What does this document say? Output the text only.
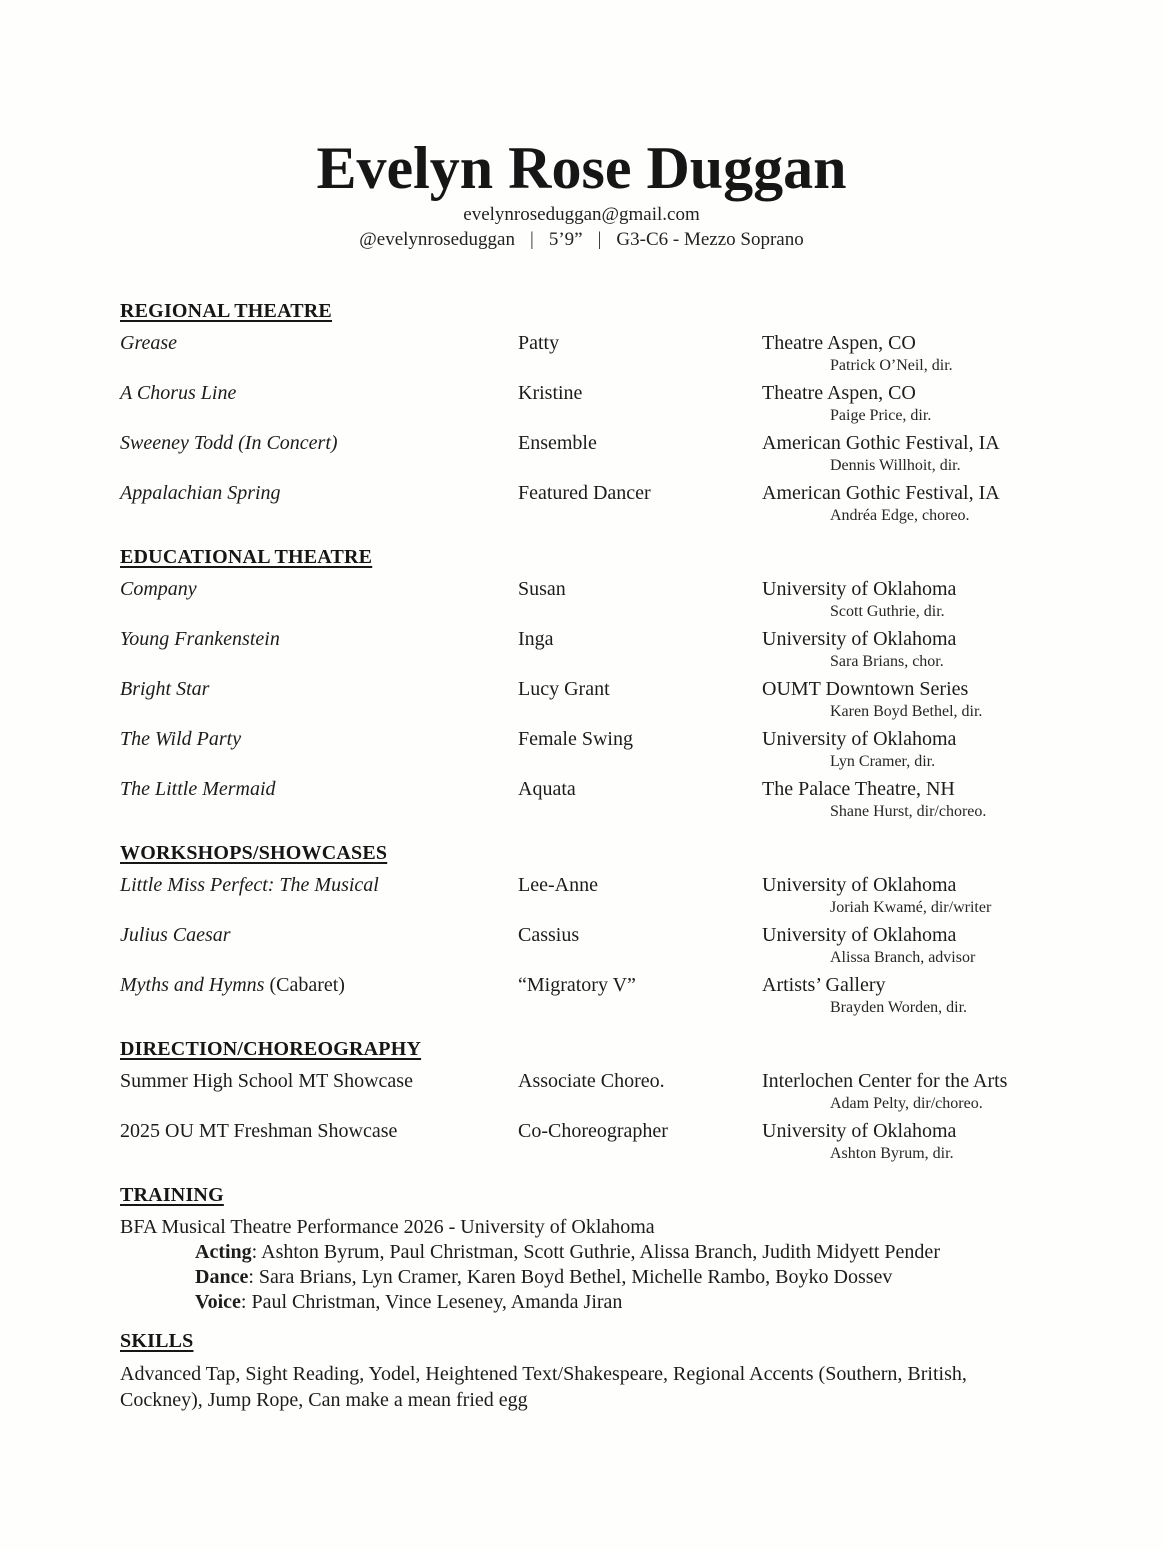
Evelyn Rose Duggan
evelynroseduggan@gmail.com
@evelynroseduggan | 5’9” | G3-C6 - Mezzo Soprano
REGIONAL THEATRE
Grease	Patty	Theatre Aspen, CO
Patrick O’Neil, dir.
A Chorus Line	Kristine	Theatre Aspen, CO
Paige Price, dir.
Sweeney Todd (In Concert)	Ensemble	American Gothic Festival, IA
Dennis Willhoit, dir.
Appalachian Spring	Featured Dancer	American Gothic Festival, IA
Andréa Edge, choreo.
EDUCATIONAL THEATRE
Company	Susan	University of Oklahoma
Scott Guthrie, dir.
Young Frankenstein	Inga	University of Oklahoma
Sara Brians, chor.
Bright Star	Lucy Grant	OUMT Downtown Series
Karen Boyd Bethel, dir.
The Wild Party	Female Swing	University of Oklahoma
Lyn Cramer, dir.
The Little Mermaid	Aquata	The Palace Theatre, NH
Shane Hurst, dir/choreo.
WORKSHOPS/SHOWCASES
Little Miss Perfect: The Musical	Lee-Anne	University of Oklahoma
Joriah Kwamé, dir/writer
Julius Caesar	Cassius	University of Oklahoma
Alissa Branch, advisor
Myths and Hymns (Cabaret)	“Migratory V”	Artists’ Gallery
Brayden Worden, dir.
DIRECTION/CHOREOGRAPHY
Summer High School MT Showcase	Associate Choreo.	Interlochen Center for the Arts
Adam Pelty, dir/choreo.
2025 OU MT Freshman Showcase	Co-Choreographer	University of Oklahoma
Ashton Byrum, dir.
TRAINING
BFA Musical Theatre Performance 2026 - University of Oklahoma
Acting: Ashton Byrum, Paul Christman, Scott Guthrie, Alissa Branch, Judith Midyett Pender
Dance: Sara Brians, Lyn Cramer, Karen Boyd Bethel, Michelle Rambo, Boyko Dossev
Voice: Paul Christman, Vince Leseney, Amanda Jiran
SKILLS
Advanced Tap, Sight Reading, Yodel, Heightened Text/Shakespeare, Regional Accents (Southern, British, Cockney), Jump Rope, Can make a mean fried egg
